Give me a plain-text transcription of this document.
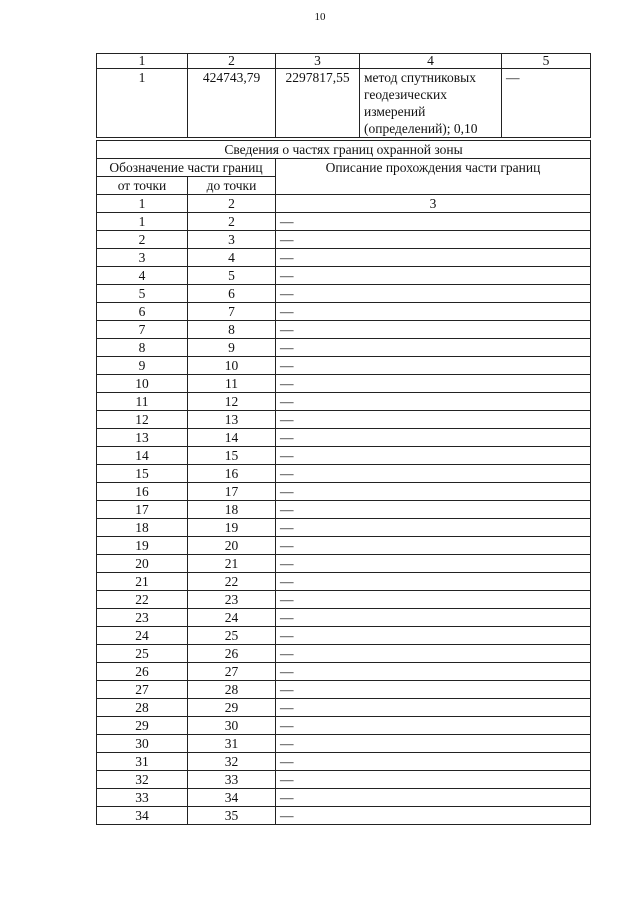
10
1	2	3	4	5
1	424743,79	2297817,55	метод спутниковых
геодезических
измерений
(определений); 0,10	—
Сведения о частях границ охранной зоны		
Обозначение части границ		Описание прохождения части границ
от точки	до точки	
1	2	3
1	2	—
2	3	—
3	4	—
4	5	—
5	6	—
6	7	—
7	8	—
8	9	—
9	10	—
10	11	—
11	12	—
12	13	—
13	14	—
14	15	—
15	16	—
16	17	—
17	18	—
18	19	—
19	20	—
20	21	—
21	22	—
22	23	—
23	24	—
24	25	—
25	26	—
26	27	—
27	28	—
28	29	—
29	30	—
30	31	—
31	32	—
32	33	—
33	34	—
34	35	—
